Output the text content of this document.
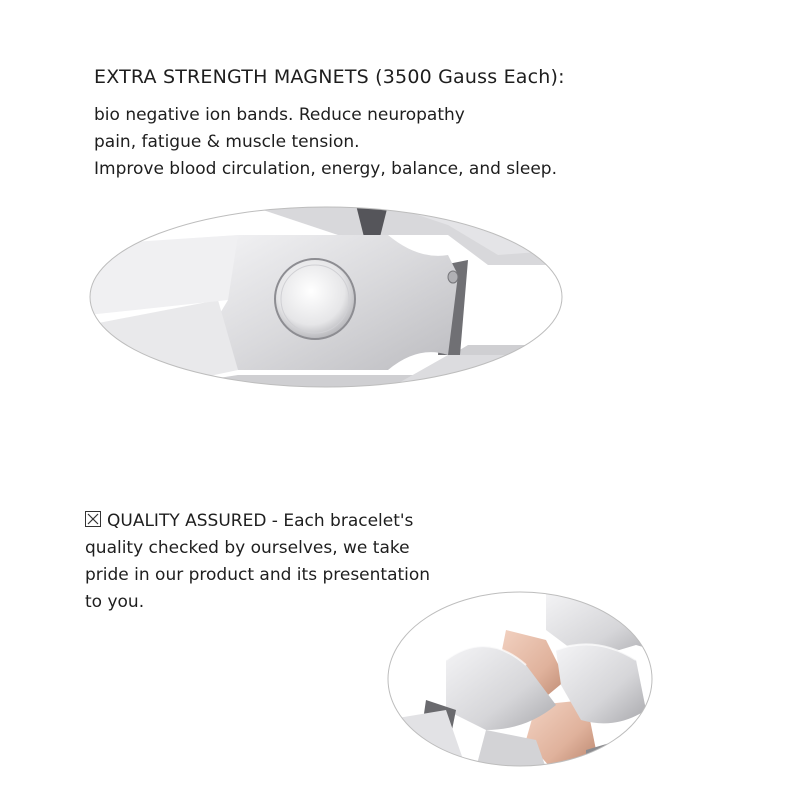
EXTRA STRENGTH MAGNETS (3500 Gauss Each):
bio negative ion bands. Reduce neuropathy
pain, fatigue & muscle tension.
Improve blood circulation, energy, balance, and sleep.
QUALITY ASSURED - Each bracelet's
quality checked by ourselves, we take
pride in our product and its presentation
to you.
